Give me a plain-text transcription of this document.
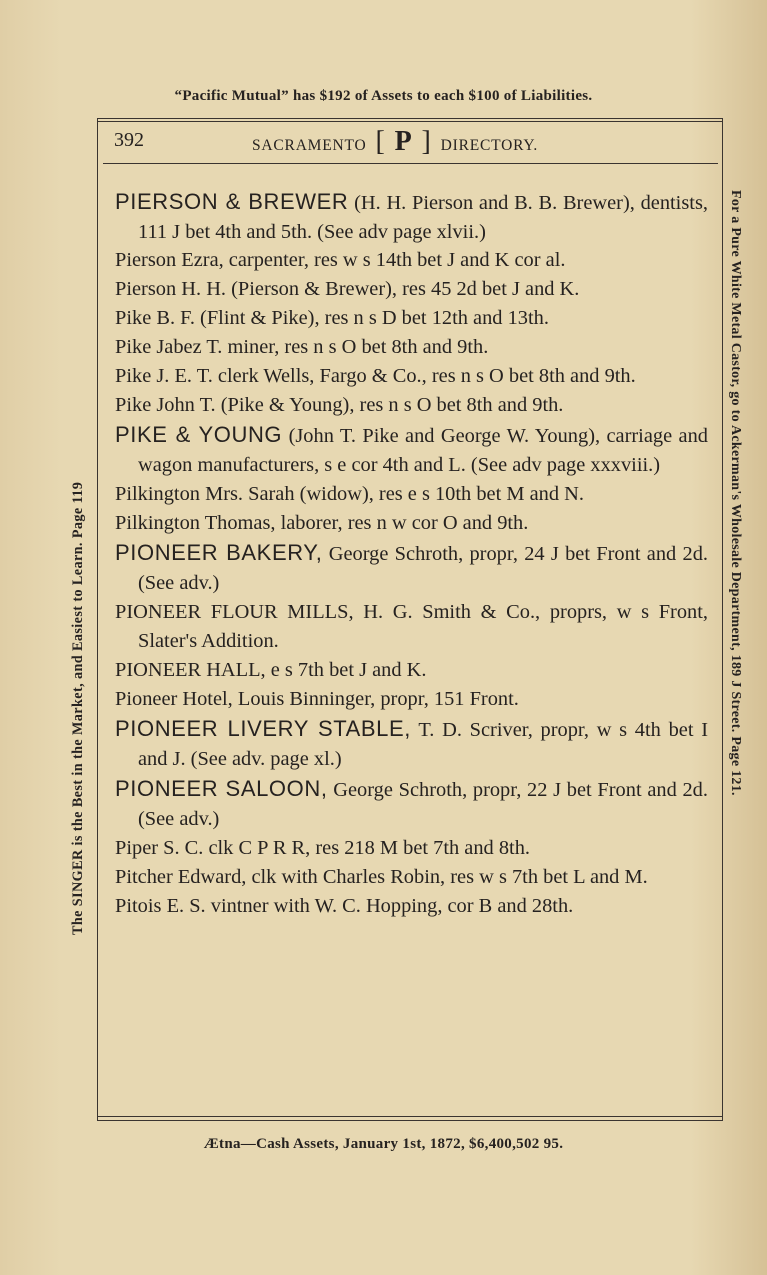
“Pacific Mutual” has $192 of Assets to each $100 of Liabilities.
The SINGER is the Best in the Market, and Easiest to Learn. Page 119	For a Pure White Metal Castor, go to Ackerman's Wholesale Department, 189 J Street. Page 121.
392	SACRAMENTO [ P ] DIRECTORY.
PIERSON & BREWER (H. H. Pierson and B. B. Brewer), dentists, 111 J bet 4th and 5th. (See adv page xlvii.)
Pierson Ezra, carpenter, res w s 14th bet J and K cor al.
Pierson H. H. (Pierson & Brewer), res 45 2d bet J and K.
Pike B. F. (Flint & Pike), res n s D bet 12th and 13th.
Pike Jabez T. miner, res n s O bet 8th and 9th.
Pike J. E. T. clerk Wells, Fargo & Co., res n s O bet 8th and 9th.
Pike John T. (Pike & Young), res n s O bet 8th and 9th.
PIKE & YOUNG (John T. Pike and George W. Young), carriage and wagon manufacturers, s e cor 4th and L. (See adv page xxxviii.)
Pilkington Mrs. Sarah (widow), res e s 10th bet M and N.
Pilkington Thomas, laborer, res n w cor O and 9th.
PIONEER BAKERY, George Schroth, propr, 24 J bet Front and 2d. (See adv.)
PIONEER FLOUR MILLS, H. G. Smith & Co., proprs, w s Front, Slater's Addition.
PIONEER HALL, e s 7th bet J and K.
Pioneer Hotel, Louis Binninger, propr, 151 Front.
PIONEER LIVERY STABLE, T. D. Scriver, propr, w s 4th bet I and J. (See adv. page xl.)
PIONEER SALOON, George Schroth, propr, 22 J bet Front and 2d. (See adv.)
Piper S. C. clk C P R R, res 218 M bet 7th and 8th.
Pitcher Edward, clk with Charles Robin, res w s 7th bet L and M.
Pitois E. S. vintner with W. C. Hopping, cor B and 28th.
Ætna—Cash Assets, January 1st, 1872, $6,400,502 95.
